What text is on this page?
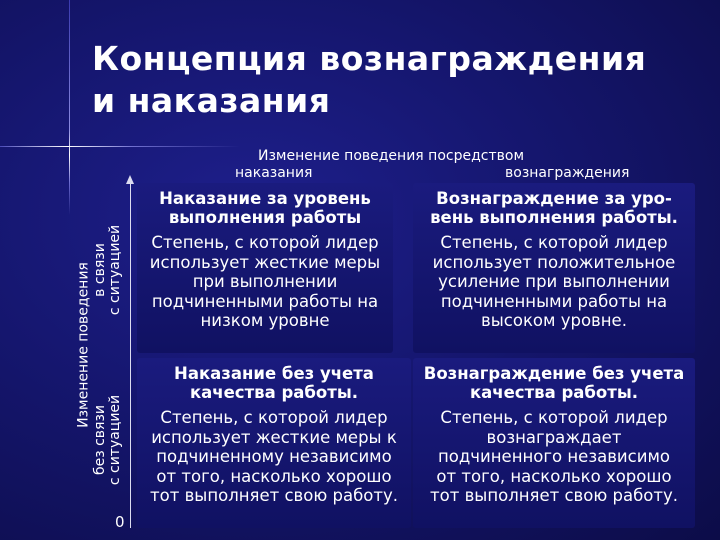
Концепция вознаграждения
и наказания
Изменение поведения посредством
наказания	вознаграждения
0
Изменение поведения в связи с ситуацией
без связи с ситуацией
Наказание за уровень
выполнения работы

Степень, с которой лидер
использует жесткие меры
при выполнении
подчиненными работы на
низком уровне

Вознаграждение за уро-
вень выполнения работы.

Степень, с которой лидер
использует положительное
усиление при выполнении
подчиненными работы на
высоком уровне.

Наказание без учета
качества работы.

Степень, с которой лидер
использует жесткие меры к
подчиненному независимо
от того, насколько хорошо
тот выполняет свою работу.

Вознаграждение без учета
качества работы.

Степень, с которой лидер
вознаграждает
подчиненного независимо
от того, насколько хорошо
тот выполняет свою работу.
